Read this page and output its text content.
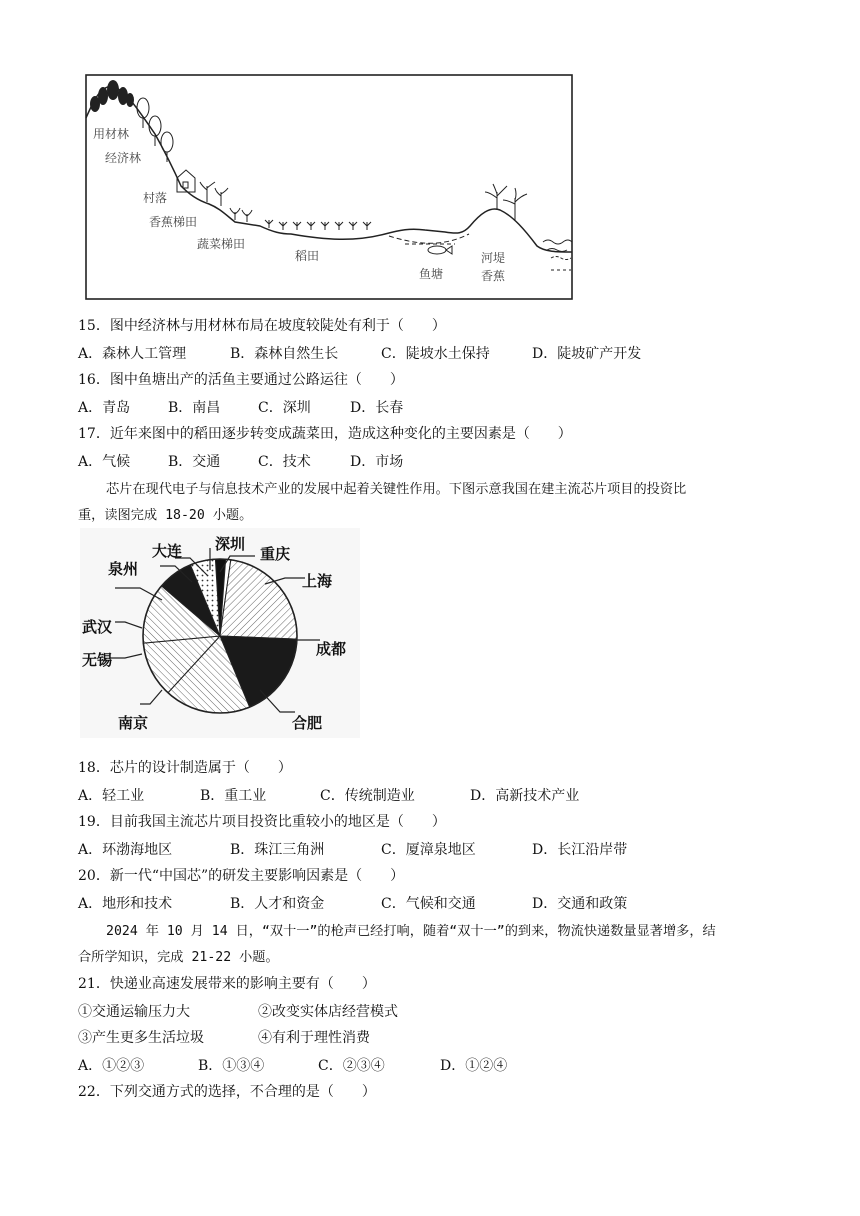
用材林
经济林
村落
香蕉梯田
蔬菜梯田
稻田
鱼塘
河堤
香蕉
15．图中经济林与用材林布局在坡度较陡处有利于（　　）
A．森林人工管理	B．森林自然生长	C．陡坡水土保持	D．陡坡矿产开发
16．图中鱼塘出产的活鱼主要通过公路运往（　　）
A．青岛	B．南昌	C．深圳	D．长春
17．近年来图中的稻田逐步转变成蔬菜田，造成这种变化的主要因素是（　　）
A．气候	B．交通	C．技术	D．市场
芯片在现代电子与信息技术产业的发展中起着关键性作用。下图示意我国在建主流芯片项目的投资比
重，读图完成 18-20 小题。
深圳
重庆
上海
成都
合肥
南京
无锡
武汉
泉州
大连
18．芯片的设计制造属于（　　）
A．轻工业	B．重工业	C．传统制造业	D．高新技术产业
19．目前我国主流芯片项目投资比重较小的地区是（　　）
A．环渤海地区	B．珠江三角洲	C．厦漳泉地区	D．长江沿岸带
20．新一代“中国芯”的研发主要影响因素是（　　）
A．地形和技术	B．人才和资金	C．气候和交通	D．交通和政策
2024 年 10 月 14 日，“双十一”的枪声已经打响，随着“双十一”的到来，物流快递数量显著增多，结
合所学知识，完成 21-22 小题。
21．快递业高速发展带来的影响主要有（　　）
①交通运输压力大	②改变实体店经营模式
③产生更多生活垃圾	④有利于理性消费
A．①②③	B．①③④	C．②③④	D．①②④
22．下列交通方式的选择，不合理的是（　　）
